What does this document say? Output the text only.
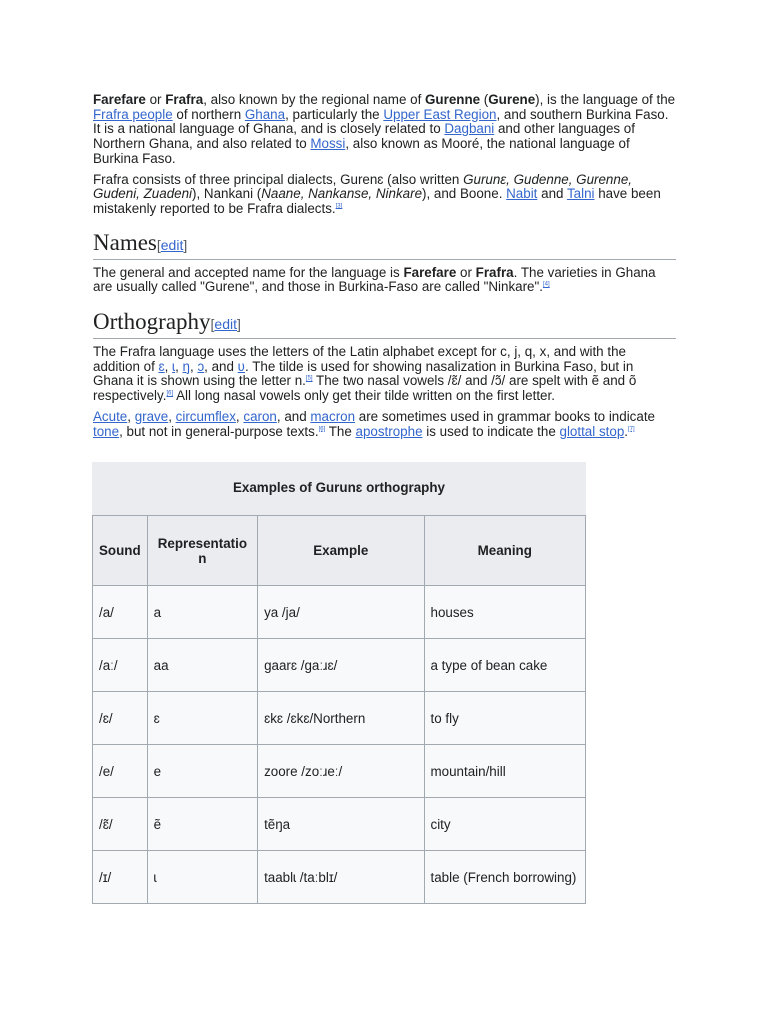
Farefare or Frafra, also known by the regional name of Gurenne (Gurene), is the language of the Frafra people of northern Ghana, particularly the Upper East Region, and southern Burkina Faso. It is a national language of Ghana, and is closely related to Dagbani and other languages of Northern Ghana, and also related to Mossi, also known as Mooré, the national language of Burkina Faso.

Frafra consists of three principal dialects, Gurenɛ (also written Gurunɛ, Gudenne, Gurenne, Gudeni, Zuadeni), Nankani (Naane, Nankanse, Ninkare), and Boone. Nabit and Talni have been mistakenly reported to be Frafra dialects.[3]

Names[edit]

The general and accepted name for the language is Farefare or Frafra. The varieties in Ghana are usually called "Gurene", and those in Burkina-Faso are called "Ninkare".[4]

Orthography[edit]

The Frafra language uses the letters of the Latin alphabet except for c, j, q, x, and with the addition of ɛ, ɩ, ŋ, ɔ, and ʋ. The tilde is used for showing nasalization in Burkina Faso, but in Ghana it is shown using the letter n.[5] The two nasal vowels /ɛ̃/ and /ɔ̃/ are spelt with ẽ and õ respectively.[6] All long nasal vowels only get their tilde written on the first letter.

Acute, grave, circumflex, caron, and macron are sometimes used in grammar books to indicate tone, but not in general-purpose texts.[6] The apostrophe is used to indicate the glottal stop.[7]

Examples of Gurunɛ orthography
Sound	Representation	Example	Meaning
/a/	a	ya /ja/	houses
/aː/	aa	gaarɛ /ɡaːɹɛ/	a type of bean cake
/ɛ/	ɛ	ɛkɛ /ɛkɛ/Northern	to fly
/e/	e	zoore /zoːɹeː/	mountain/hill
/ɛ̃/	ẽ	tẽŋa	city
/ɪ/	ɩ	taablɩ /taːblɪ/	table (French borrowing)
